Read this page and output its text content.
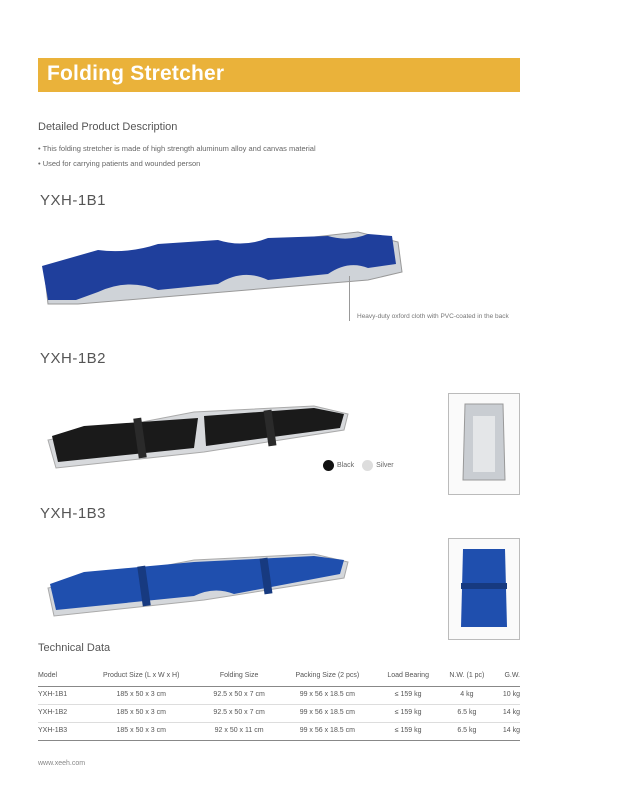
Folding Stretcher
Detailed Product Description
• This folding stretcher is made of high strength aluminum alloy and canvas material
• Used for carrying patients and wounded person
YXH-1B1
Heavy-duty oxford cloth with PVC-coated in the back
YXH-1B2
Black	Silver
YXH-1B3
Technical Data
Model	Product Size (L x W x H)	Folding Size	Packing Size (2 pcs)	Load Bearing	N.W. (1 pc)	G.W.
YXH-1B1	185 x 50 x 3 cm	92.5 x 50 x 7 cm	99 x 56 x 18.5 cm	≤ 159 kg	4 kg	10 kg
YXH-1B2	185 x 50 x 3 cm	92.5 x 50 x 7 cm	99 x 56 x 18.5 cm	≤ 159 kg	6.5 kg	14 kg
YXH-1B3	185 x 50 x 3 cm	92 x 50 x 11 cm	99 x 56 x 18.5 cm	≤ 159 kg	6.5 kg	14 kg
www.xeeh.com
